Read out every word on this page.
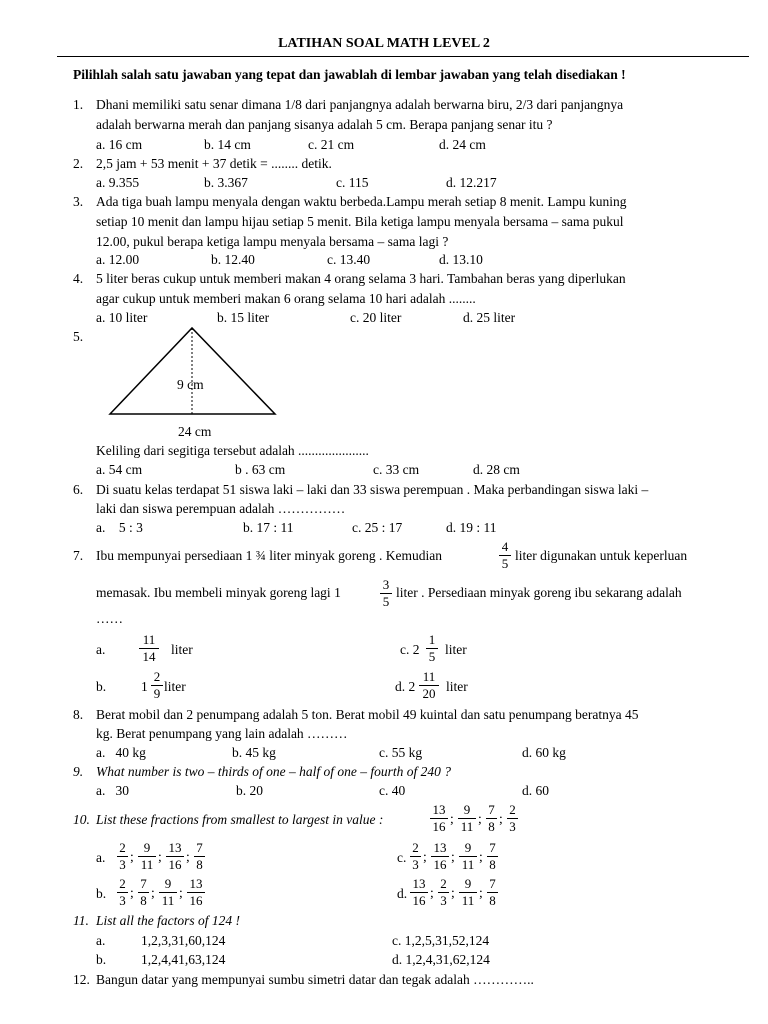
LATIHAN SOAL MATH LEVEL 2
Pilihlah salah satu jawaban yang tepat dan jawablah di lembar jawaban yang telah disediakan !
1. Dhani memiliki satu senar dimana 1/8 dari panjangnya adalah berwarna biru, 2/3 dari panjangnya
adalah berwarna merah dan panjang sisanya adalah 5 cm. Berapa panjang senar itu ?
a. 16 cm	b. 14 cm	c. 21 cm	d. 24 cm
2. 2,5 jam + 53 menit + 37 detik = ........ detik.
a. 9.355	b. 3.367	c. 115	d. 12.217
3. Ada tiga buah lampu menyala dengan waktu berbeda.Lampu merah setiap 8 menit. Lampu kuning
setiap 10 menit dan lampu hijau setiap 5 menit. Bila ketiga lampu menyala bersama – sama pukul
12.00, pukul berapa ketiga lampu menyala bersama – sama lagi ?
a. 12.00	b. 12.40	c. 13.40	d. 13.10
4. 5 liter beras cukup untuk memberi makan 4 orang selama 3 hari. Tambahan beras yang diperlukan
agar cukup untuk memberi makan 6 orang selama 10 hari adalah ........
a. 10 liter	b. 15 liter	c. 20 liter	d. 25 liter
5.
9 cm
24 cm
Keliling dari segitiga tersebut adalah .....................
a. 54 cm	b . 63 cm	c. 33 cm	d. 28 cm
6. Di suatu kelas terdapat 51 siswa laki – laki dan 33 siswa perempuan . Maka perbandingan siswa laki –
laki dan siswa perempuan adalah ……………
a.    5 : 3	b. 17 : 11	c. 25 : 17	d. 19 : 11
7. Ibu mempunyai persediaan 1 ¾ liter minyak goreng . Kemudian
4
5
liter digunakan untuk keperluan
memasak. Ibu membeli minyak goreng lagi 1
3
5
liter . Persediaan minyak goreng ibu sekarang adalah
……
a.
11
14 liter
b.	1
2
9 liter
c. 2
1
5 liter
d. 2
11
20 liter
8. Berat mobil dan 2 penumpang adalah 5 ton. Berat mobil 49 kuintal dan satu penumpang beratnya 45
kg. Berat penumpang yang lain adalah ………
a.   40 kg	b. 45 kg	c. 55 kg	d. 60 kg
9. What number is two – thirds of one – half of one – fourth of 240 ?
a.   30	b. 20	c. 40	d. 60
10. List these fractions from smallest to largest in value :
13
16
;
9
11
;
7
8
;
2
3
a.
2
3
;
9
11
;
13
16
;
7
8
b.
2
3
;
7
8
;
9
11
;
13
16
c.
2
3
;
13
16
;
9
11
;
7
8
d.
13
16
;
2
3
;
9
11
;
7
8
11. List all the factors of 124 !
a.	1,2,3,31,60,124
b.	1,2,4,41,63,124
c. 1,2,5,31,52,124
d. 1,2,4,31,62,124
12. Bangun datar yang mempunyai sumbu simetri datar dan tegak adalah …………..
